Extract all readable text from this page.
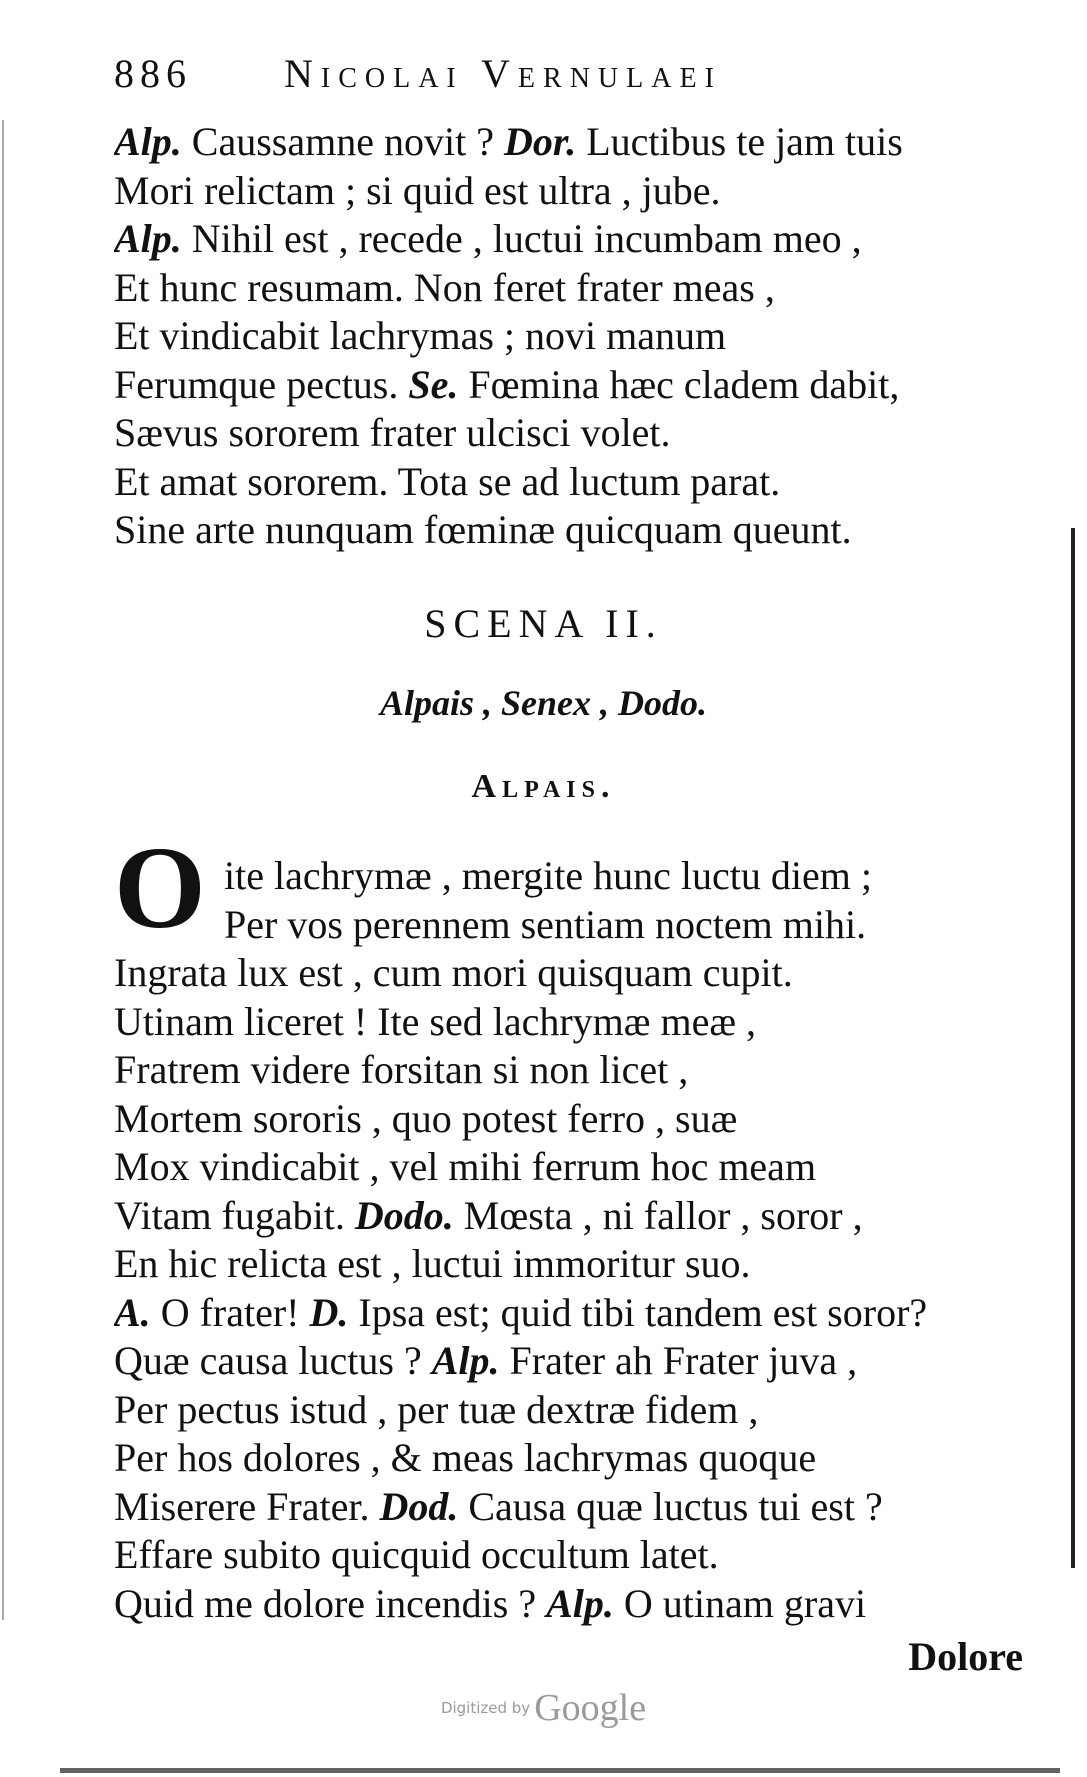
886 Nicolai Vernulaei
Alp. Caussamne novit ? Dor. Luctibus te jam tuis
Mori relictam ; si quid est ultra , jube.
Alp. Nihil est , recede , luctui incumbam meo ,
Et hunc resumam. Non feret frater meas ,
Et vindicabit lachrymas ; novi manum
Ferumque pectus. Se. Fœmina hæc cladem dabit,
Sævus sororem frater ulcisci volet.
Et amat sororem. Tota se ad luctum parat.
Sine arte nunquam fœminæ quicquam queunt.
SCENA II.
Alpais , Senex , Dodo.
Alpais.
O ite lachrymæ , mergite hunc luctu diem ;
Per vos perennem sentiam noctem mihi.
Ingrata lux est , cum mori quisquam cupit.
Utinam liceret ! Ite sed lachrymæ meæ ,
Fratrem videre forsitan si non licet ,
Mortem sororis , quo potest ferro , suæ
Mox vindicabit , vel mihi ferrum hoc meam
Vitam fugabit. Dodo. Mœsta , ni fallor , soror ,
En hic relicta est , luctui immoritur suo.
A. O frater! D. Ipsa est; quid tibi tandem est soror?
Quæ causa luctus ? Alp. Frater ah Frater juva ,
Per pectus istud , per tuæ dextræ fidem ,
Per hos dolores , & meas lachrymas quoque
Miserere Frater. Dod. Causa quæ luctus tui est ?
Effare subito quicquid occultum latet.
Quid me dolore incendis ? Alp. O utinam gravi
Dolore
Digitized by Google
